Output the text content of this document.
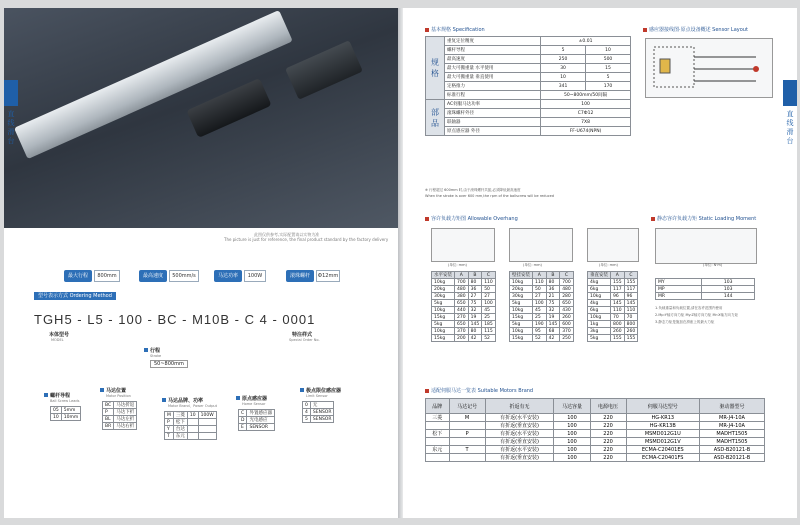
此图仅供参考,实际配置请以实物为准
The picture is just for reference, the final product standard by the factory delivery
直线滑台
最大行程	800mm	最高速度	500mm/s	马达功率	100W	滚珠螺杆	Ф12mm
型号表示方式 Ordering Method
TGH5 - L5 - 100 - BC - M10B - C 4 - 0001
本体型号
MODEL
特注样式
Special Order No.
行程
Stroke
50~800mm
螺杆导程
Ball Screw Leads
05	5mm
10	10mm
马达位置
Motor Position
BC	马达折返
P	马达下折
BL	马达左折
BR	马达右折
马达品牌、功率
Motor Brand、Power Output
M	三菱	10	100W
P	松下		
Y	台达		
T	东元		
原点感应器
Home Sensor
C	外置感应器
D	光电感应
E	SENSOR
极点限位感应器
Limit Sensor
0	无
4	SENSOR
5	SENSOR
直线滑台
基本规格 Specification
规格	重复定位精度	±0.01	
	螺杆导程	5	10
	最高速度	250	500
	最大可搬重量 水平使用	30	15
	最大可搬重量 垂直使用	10	5
	定格推力	341	170
	标准行程	50~800mm/50间隔	
部品	AC伺服马达功率	100	
	滚珠螺杆外径	C7Ф12	
	联轴器	7X8	
	原点感应器 外径	FF-U674(NPN)	
※ 行程超过 600mm 时,由于滚珠螺杆共振,必须降低最高速度
When the stroke is over 600 mm,the rpm of the ballscrew will be reduced
感应器接线图·原点设备概述 Sensor Layout
容许负载力矩图 Allowable Overhang	静态容许负载力矩 Static Loading Moment
(单位: mm)	(单位: mm)	(单位: mm)	(单位: N·m)
水平安装	A	B	C
10kg	700	80	110
20kg	480	36	50
30kg	380	27	27
5kg	650	75	100
10kg	440	32	45
15kg	270	19	25
5kg	650	145	185
10kg	370	80	115
15kg	200	42	52
壁挂安装	A	B	C
10kg	110	80	700
20kg	50	36	480
30kg	27	21	280
5kg	100	75	650
10kg	45	32	430
15kg	25	19	260
5kg	190	145	600
10kg	95	68	370
15kg	52	42	250
垂直安装	A	C
4kg	155	155
6kg	117	117
10kg	96	96
4kg	145	145
6kg	110	110
10kg	70	70
1kg	800	800
3kg	260	260
5kg	155	155
MY	103
MP	103
MR	144
1.负载重量和负载位置,请在容许范围内使用
2.Mp:Y轴方向力矩 My:Z轴方向力矩 Mr:X轴方向力矩
3.静态力矩是施加在滑座上的最大力矩
适配伺服马达一览表 Suitable Motors Brand
品牌	马达记号	折返有无	马达容量	电源电压	伺服马达型号	驱动器型号
三菱	M	有折返(水平安装)	100	220	HG-KR13	MR-J4-10A
		有折返(垂直安装)	100	220	HG-KR13B	MR-J4-10A
松下	P	有折返(水平安装)	100	220	MSMD012G1U	MADHT1505
		有折返(垂直安装)	100	220	MSMD012G1V	MADHT1505
东元	T	有折返(水平安装)	100	220	ECMA-C20401ES	ASD-B20121-B
		有折返(垂直安装)	100	220	ECMA-C20401FS	ASD-B20121-B
